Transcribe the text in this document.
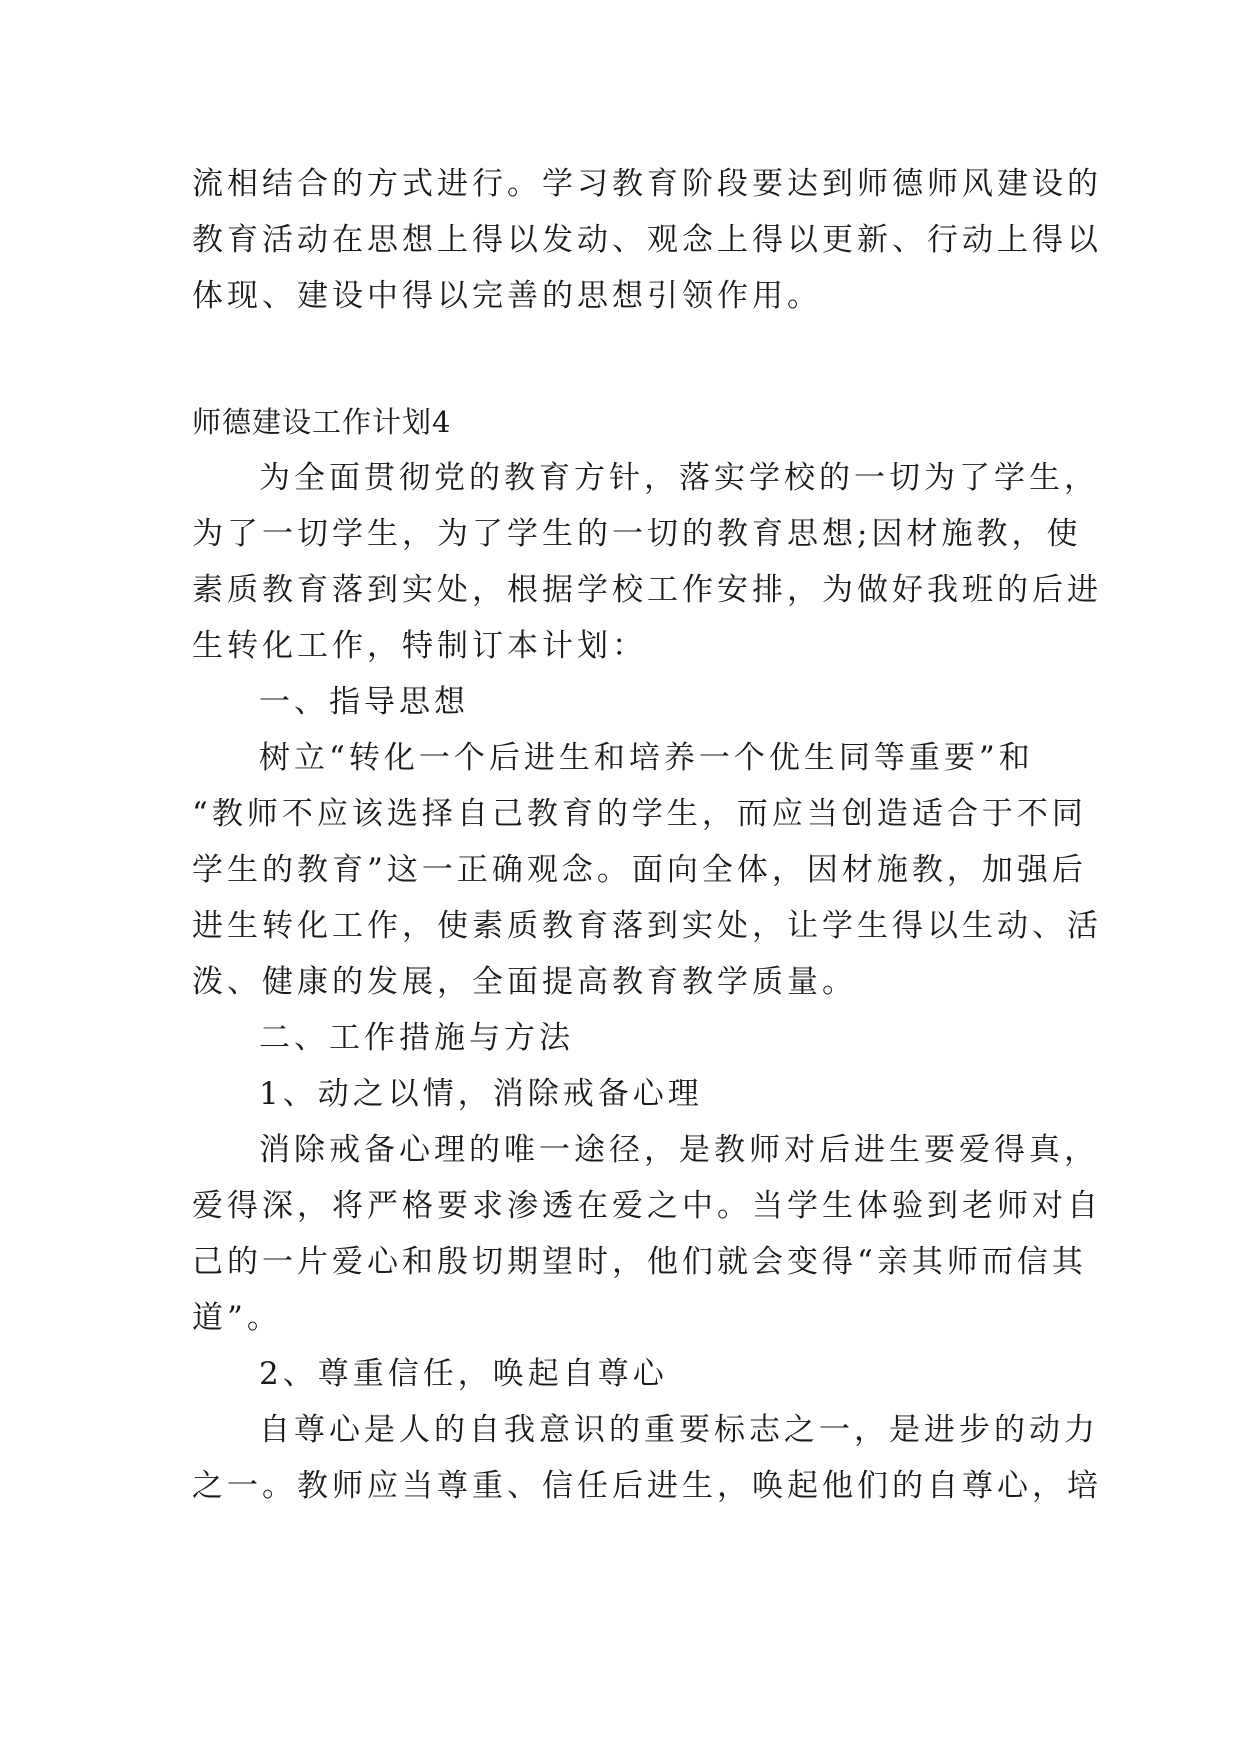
流相结合的方式进行。学习教育阶段要达到师德师风建设的
教育活动在思想上得以发动、观念上得以更新、行动上得以
体现、建设中得以完善的思想引领作用。
师德建设工作计划4
为全面贯彻党的教育方针，落实学校的一切为了学生，
为了一切学生，为了学生的一切的教育思想;因材施教，使
素质教育落到实处，根据学校工作安排，为做好我班的后进
生转化工作，特制订本计划：
一、指导思想
树立“转化一个后进生和培养一个优生同等重要”和
“教师不应该选择自己教育的学生，而应当创造适合于不同
学生的教育”这一正确观念。面向全体，因材施教，加强后
进生转化工作，使素质教育落到实处，让学生得以生动、活
泼、健康的发展，全面提高教育教学质量。
二、工作措施与方法
1、动之以情，消除戒备心理
消除戒备心理的唯一途径，是教师对后进生要爱得真，
爱得深，将严格要求渗透在爱之中。当学生体验到老师对自
己的一片爱心和殷切期望时，他们就会变得“亲其师而信其
道”。
2、尊重信任，唤起自尊心
自尊心是人的自我意识的重要标志之一，是进步的动力
之一。教师应当尊重、信任后进生，唤起他们的自尊心，培
